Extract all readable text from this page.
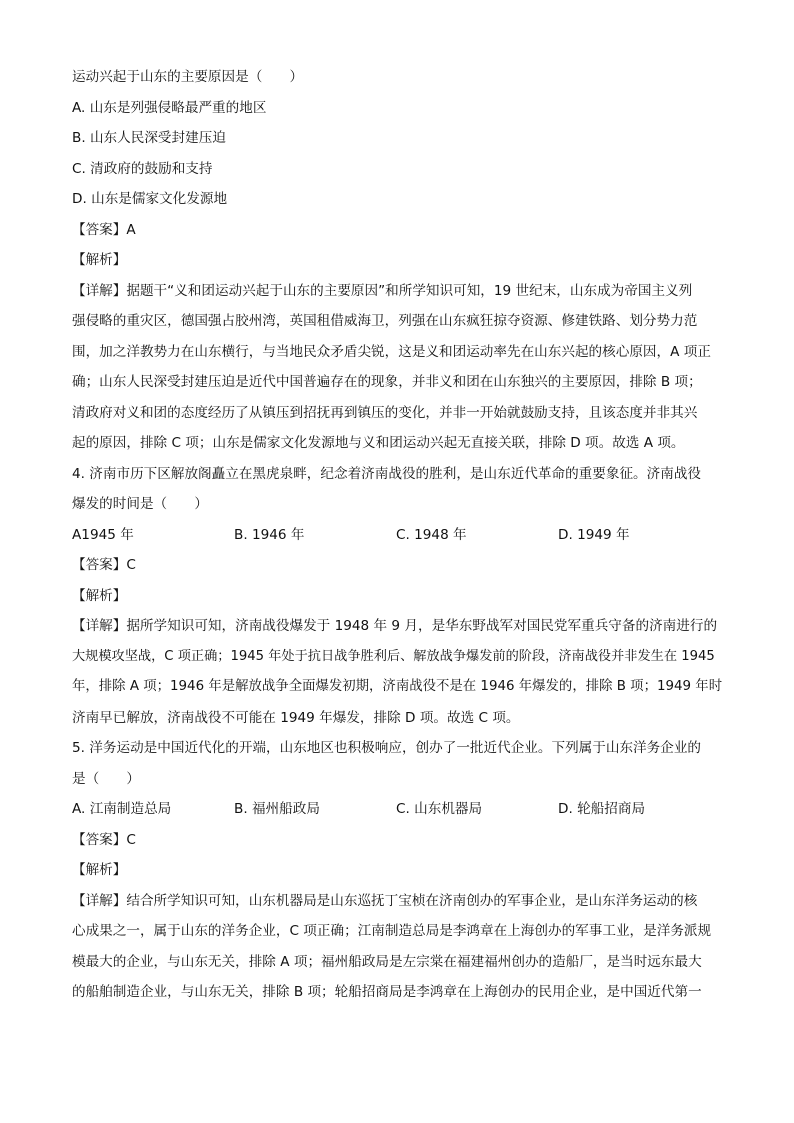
运动兴起于山东的主要原因是（　　）
A. 山东是列强侵略最严重的地区
B. 山东人民深受封建压迫
C. 清政府的鼓励和支持
D. 山东是儒家文化发源地
【答案】A
【解析】
【详解】据题干“义和团运动兴起于山东的主要原因”和所学知识可知，19 世纪末，山东成为帝国主义列
强侵略的重灾区，德国强占胶州湾，英国租借威海卫，列强在山东疯狂掠夺资源、修建铁路、划分势力范
围，加之洋教势力在山东横行，与当地民众矛盾尖锐，这是义和团运动率先在山东兴起的核心原因，A 项正
确；山东人民深受封建压迫是近代中国普遍存在的现象，并非义和团在山东独兴的主要原因，排除 B 项；
清政府对义和团的态度经历了从镇压到招抚再到镇压的变化，并非一开始就鼓励支持，且该态度并非其兴
起的原因，排除 C 项；山东是儒家文化发源地与义和团运动兴起无直接关联，排除 D 项。故选 A 项。
4. 济南市历下区解放阁矗立在黑虎泉畔，纪念着济南战役的胜利，是山东近代革命的重要象征。济南战役
爆发的时间是（　　）
A1945 年	B. 1946 年	C. 1948 年	D. 1949 年
【答案】C
【解析】
【详解】据所学知识可知，济南战役爆发于 1948 年 9 月，是华东野战军对国民党军重兵守备的济南进行的
大规模攻坚战，C 项正确；1945 年处于抗日战争胜利后、解放战争爆发前的阶段，济南战役并非发生在 1945
年，排除 A 项；1946 年是解放战争全面爆发初期，济南战役不是在 1946 年爆发的，排除 B 项；1949 年时
济南早已解放，济南战役不可能在 1949 年爆发，排除 D 项。故选 C 项。
5. 洋务运动是中国近代化的开端，山东地区也积极响应，创办了一批近代企业。下列属于山东洋务企业的
是（　　）
A. 江南制造总局	B. 福州船政局	C. 山东机器局	D. 轮船招商局
【答案】C
【解析】
【详解】结合所学知识可知，山东机器局是山东巡抚丁宝桢在济南创办的军事企业，是山东洋务运动的核
心成果之一，属于山东的洋务企业，C 项正确；江南制造总局是李鸿章在上海创办的军事工业，是洋务派规
模最大的企业，与山东无关，排除 A 项；福州船政局是左宗棠在福建福州创办的造船厂，是当时远东最大
的船舶制造企业，与山东无关，排除 B 项；轮船招商局是李鸿章在上海创办的民用企业，是中国近代第一
